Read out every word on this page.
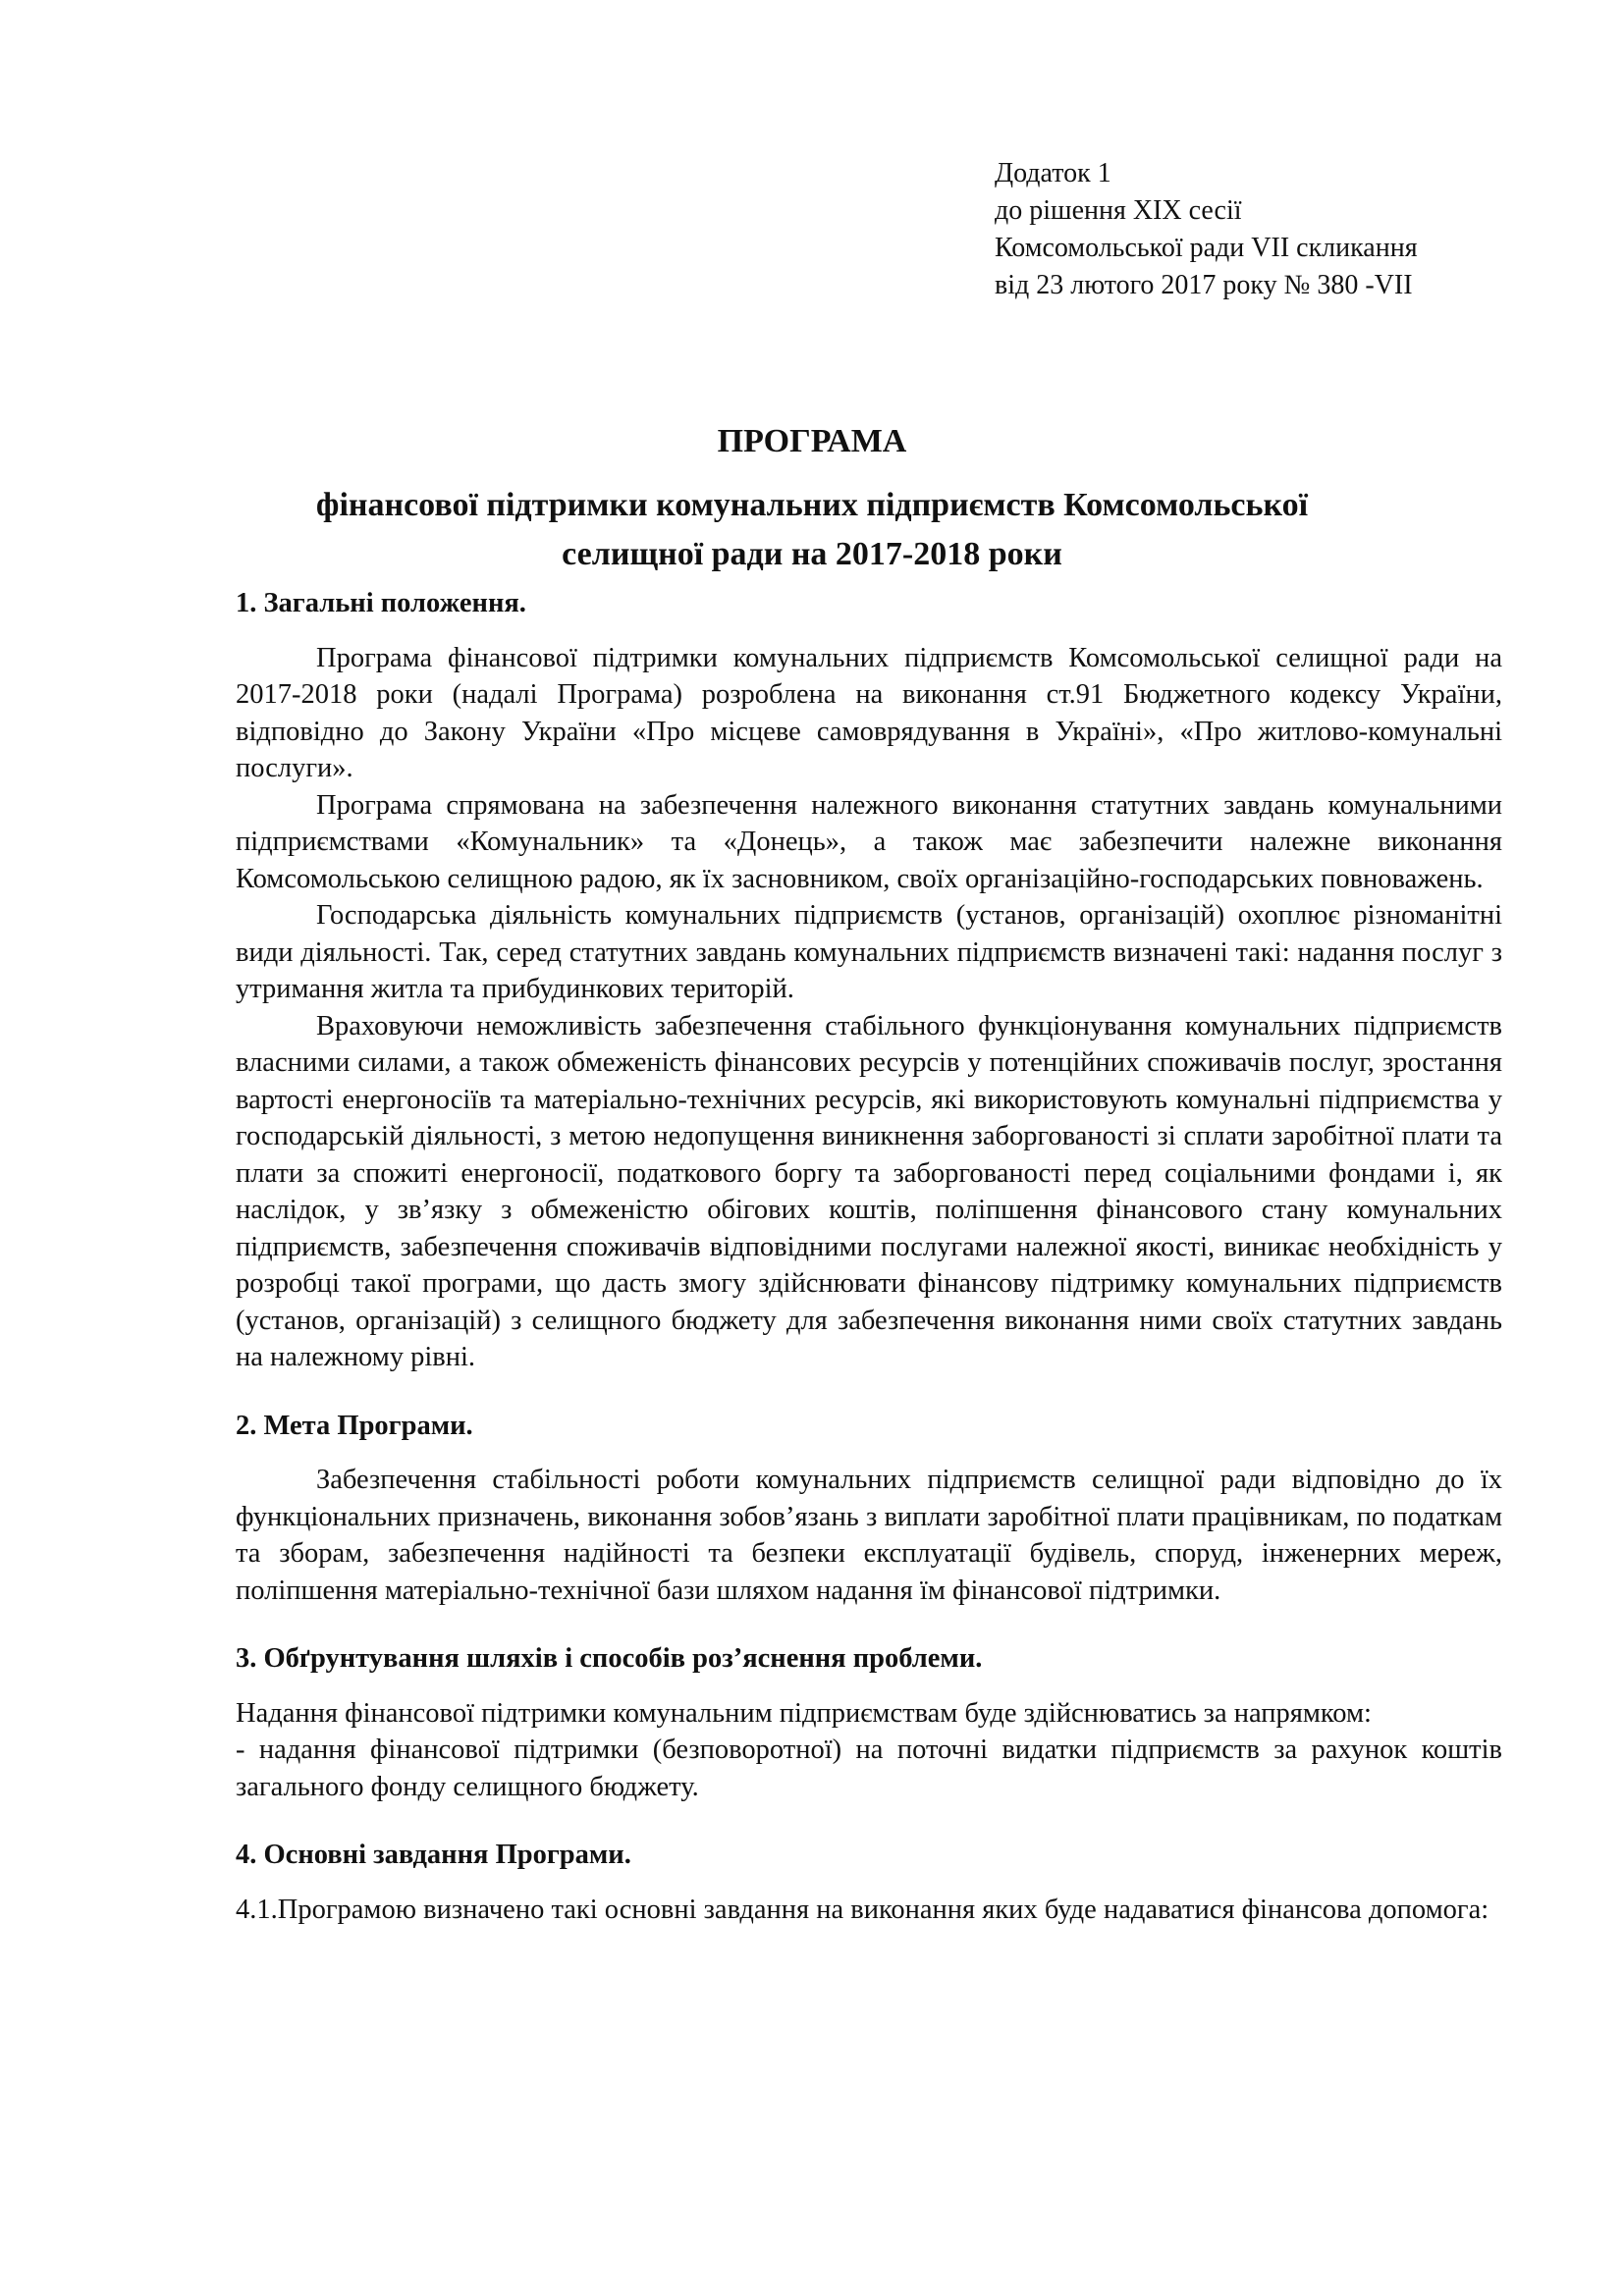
Додаток 1
до рішення ХІХ сесії
Комсомольської ради VІІ скликання
від 23 лютого 2017 року № 380 -VІІ
ПРОГРАМА
фінансової підтримки комунальних підприємств Комсомольської
селищної ради на 2017-2018 роки
1. Загальні положення.

Програма фінансової підтримки комунальних підприємств Комсомольської селищної ради на 2017-2018 роки (надалі Програма) розроблена на виконання ст.91 Бюджетного кодексу України, відповідно до Закону України «Про місцеве самоврядування в Україні», «Про житлово-комунальні послуги».

Програма спрямована на забезпечення належного виконання статутних завдань комунальними підприємствами «Комунальник» та «Донець», а також має забезпечити належне виконання Комсомольською селищною радою, як їх засновником, своїх організаційно-господарських повноважень.

Господарська діяльність комунальних підприємств (установ, організацій) охоплює різноманітні види діяльності. Так, серед статутних завдань комунальних підприємств визначені такі: надання послуг з утримання житла та прибудинкових територій.

Враховуючи неможливість забезпечення стабільного функціонування комунальних підприємств власними силами, а також обмеженість фінансових ресурсів у потенційних споживачів послуг, зростання вартості енергоносіїв та матеріально-технічних ресурсів, які використовують комунальні підприємства у господарській діяльності, з метою недопущення виникнення заборгованості зі сплати заробітної плати та плати за спожиті енергоносії, податкового боргу та заборгованості перед соціальними фондами і, як наслідок, у зв’язку з обмеженістю обігових коштів, поліпшення фінансового стану комунальних підприємств, забезпечення споживачів відповідними послугами належної якості, виникає необхідність у розробці такої програми, що дасть змогу здійснювати фінансову підтримку комунальних підприємств (установ, організацій) з селищного бюджету для забезпечення виконання ними своїх статутних завдань на належному рівні.

2. Мета Програми.

Забезпечення стабільності роботи комунальних підприємств селищної ради відповідно до їх функціональних призначень, виконання зобов’язань з виплати заробітної плати працівникам, по податкам та зборам, забезпечення надійності та безпеки експлуатації будівель, споруд, інженерних мереж, поліпшення матеріально-технічної бази шляхом надання їм фінансової підтримки.

3. Обґрунтування шляхів і способів роз’яснення проблеми.

Надання фінансової підтримки комунальним підприємствам буде здійснюватись за напрямком:

- надання фінансової підтримки (безповоротної) на поточні видатки підприємств за рахунок коштів загального фонду селищного бюджету.

4. Основні завдання Програми.

4.1.Програмою визначено такі основні завдання на виконання яких буде надаватися фінансова допомога:
